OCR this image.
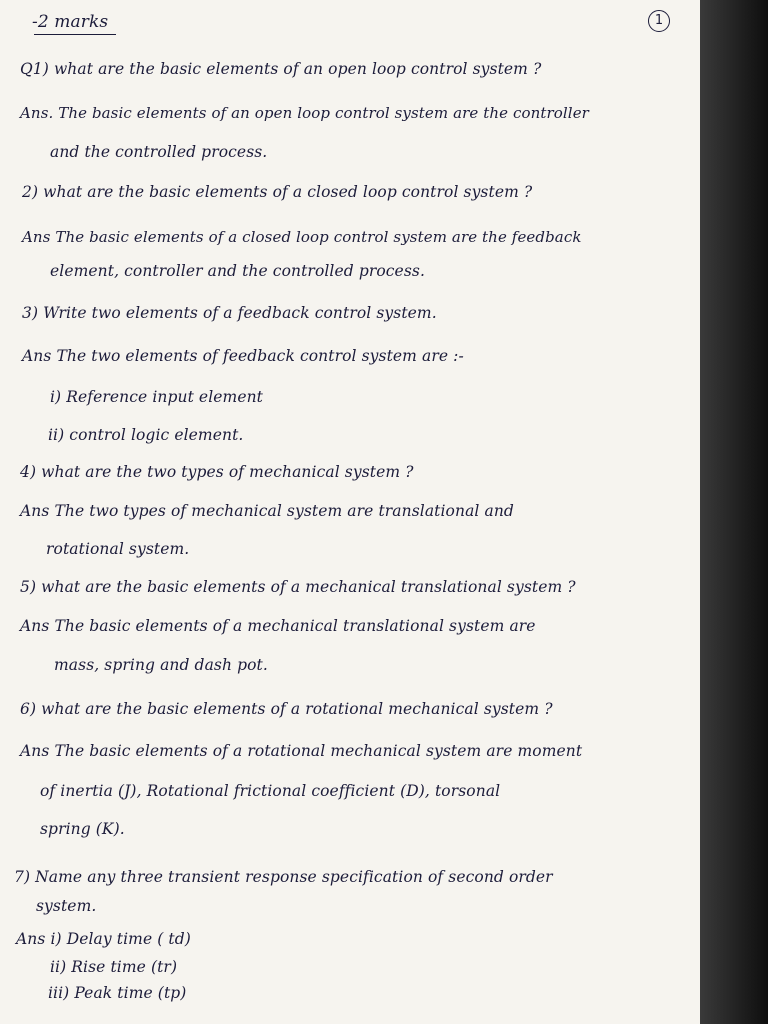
-2 marks	1
Q1) what are the basic elements of an open loop control system ?
Ans. The basic elements of an open loop control system are the controller
and the controlled process.
2) what are the basic elements of a closed loop control system ?
Ans The basic elements of a closed loop control system are the feedback
element, controller and the controlled process.
3) Write two elements of a feedback control system.
Ans The two elements of feedback control system are :-
i) Reference input element
ii) control logic element.
4) what are the two types of mechanical system ?
Ans The two types of mechanical system are translational and
rotational system.
5) what are the basic elements of a mechanical translational system ?
Ans The basic elements of a mechanical translational system are
mass, spring and dash pot.
6) what are the basic elements of a rotational mechanical system ?
Ans The basic elements of a rotational mechanical system are moment
of inertia (J), Rotational frictional coefficient (D), torsonal
spring (K).
7) Name any three transient response specification of second order
system.
Ans i) Delay time ( td)
ii) Rise time (tr)
iii) Peak time (tp)
